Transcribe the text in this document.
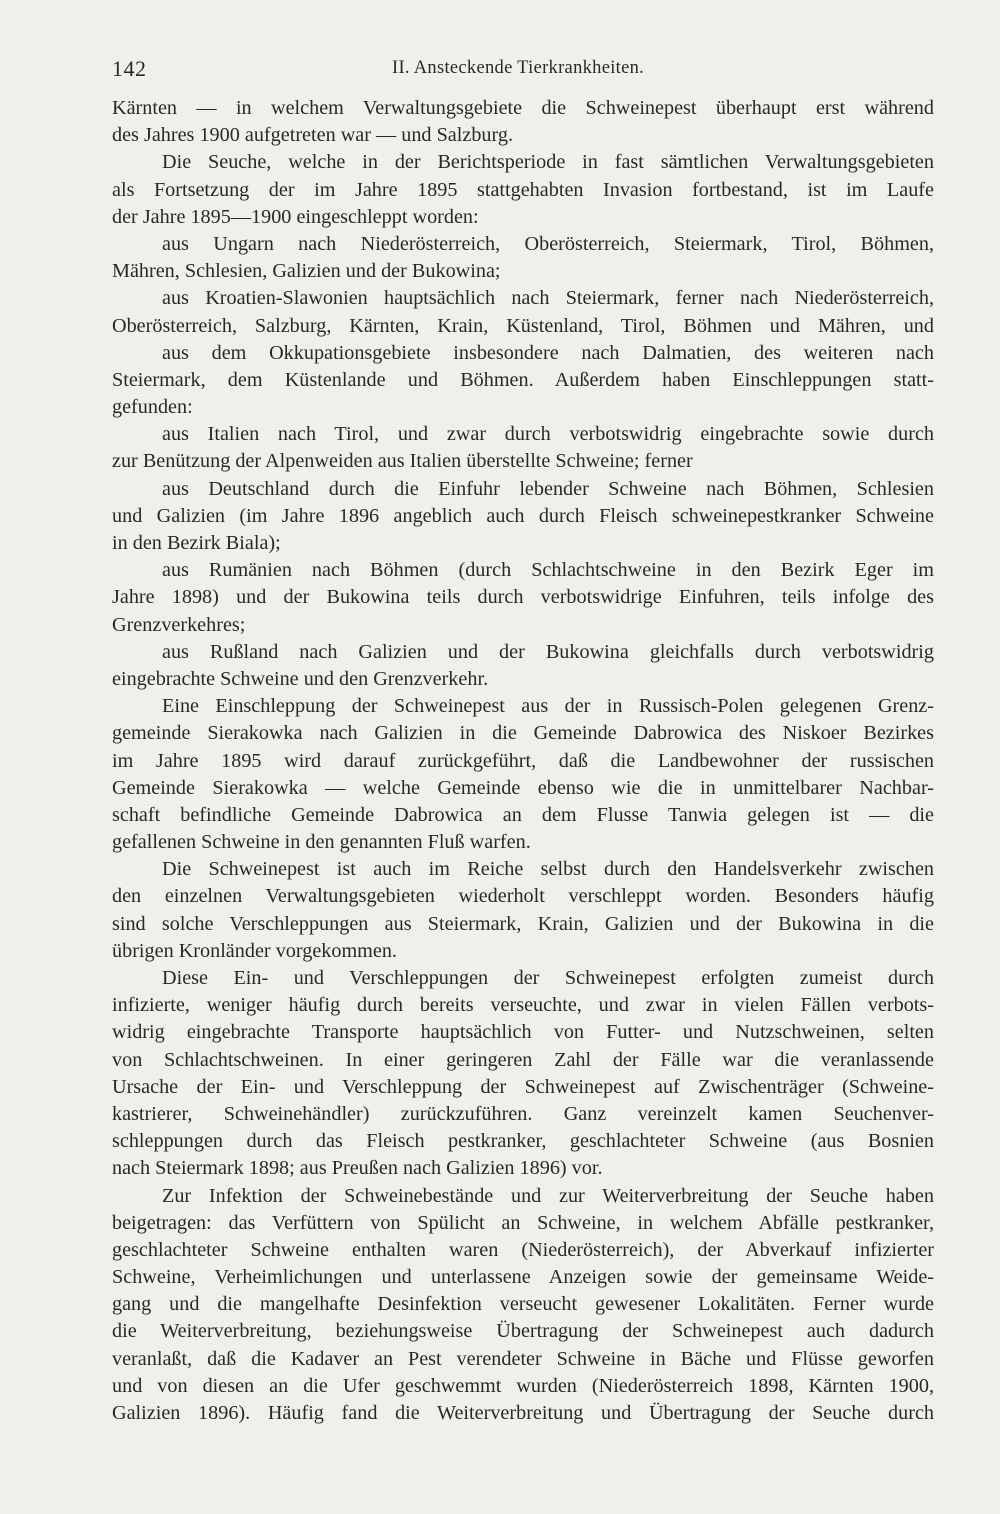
142	II. Ansteckende Tierkrankheiten.
Kärnten — in welchem Verwaltungsgebiete die Schweinepest überhaupt erst während
des Jahres 1900 aufgetreten war — und Salzburg.
Die Seuche, welche in der Berichtsperiode in fast sämtlichen Verwaltungsgebieten
als Fortsetzung der im Jahre 1895 stattgehabten Invasion fortbestand, ist im Laufe
der Jahre 1895—1900 eingeschleppt worden:
aus Ungarn nach Niederösterreich, Oberösterreich, Steiermark, Tirol, Böhmen,
Mähren, Schlesien, Galizien und der Bukowina;
aus Kroatien-Slawonien hauptsächlich nach Steiermark, ferner nach Niederösterreich,
Oberösterreich, Salzburg, Kärnten, Krain, Küstenland, Tirol, Böhmen und Mähren, und
aus dem Okkupationsgebiete insbesondere nach Dalmatien, des weiteren nach
Steiermark, dem Küstenlande und Böhmen. Außerdem haben Einschleppungen statt-
gefunden:
aus Italien nach Tirol, und zwar durch verbotswidrig eingebrachte sowie durch
zur Benützung der Alpenweiden aus Italien überstellte Schweine; ferner
aus Deutschland durch die Einfuhr lebender Schweine nach Böhmen, Schlesien
und Galizien (im Jahre 1896 angeblich auch durch Fleisch schweinepestkranker Schweine
in den Bezirk Biala);
aus Rumänien nach Böhmen (durch Schlachtschweine in den Bezirk Eger im
Jahre 1898) und der Bukowina teils durch verbotswidrige Einfuhren, teils infolge des
Grenzverkehres;
aus Rußland nach Galizien und der Bukowina gleichfalls durch verbotswidrig
eingebrachte Schweine und den Grenzverkehr.
Eine Einschleppung der Schweinepest aus der in Russisch-Polen gelegenen Grenz-
gemeinde Sierakowka nach Galizien in die Gemeinde Dabrowica des Niskoer Bezirkes
im Jahre 1895 wird darauf zurückgeführt, daß die Landbewohner der russischen
Gemeinde Sierakowka — welche Gemeinde ebenso wie die in unmittelbarer Nachbar-
schaft befindliche Gemeinde Dabrowica an dem Flusse Tanwia gelegen ist — die
gefallenen Schweine in den genannten Fluß warfen.
Die Schweinepest ist auch im Reiche selbst durch den Handelsverkehr zwischen
den einzelnen Verwaltungsgebieten wiederholt verschleppt worden. Besonders häufig
sind solche Verschleppungen aus Steiermark, Krain, Galizien und der Bukowina in die
übrigen Kronländer vorgekommen.
Diese Ein- und Verschleppungen der Schweinepest erfolgten zumeist durch
infizierte, weniger häufig durch bereits verseuchte, und zwar in vielen Fällen verbots-
widrig eingebrachte Transporte hauptsächlich von Futter- und Nutzschweinen, selten
von Schlachtschweinen. In einer geringeren Zahl der Fälle war die veranlassende
Ursache der Ein- und Verschleppung der Schweinepest auf Zwischenträger (Schweine-
kastrierer, Schweinehändler) zurückzuführen. Ganz vereinzelt kamen Seuchenver-
schleppungen durch das Fleisch pestkranker, geschlachteter Schweine (aus Bosnien
nach Steiermark 1898; aus Preußen nach Galizien 1896) vor.
Zur Infektion der Schweinebestände und zur Weiterverbreitung der Seuche haben
beigetragen: das Verfüttern von Spülicht an Schweine, in welchem Abfälle pestkranker,
geschlachteter Schweine enthalten waren (Niederösterreich), der Abverkauf infizierter
Schweine, Verheimlichungen und unterlassene Anzeigen sowie der gemeinsame Weide-
gang und die mangelhafte Desinfektion verseucht gewesener Lokalitäten. Ferner wurde
die Weiterverbreitung, beziehungsweise Übertragung der Schweinepest auch dadurch
veranlaßt, daß die Kadaver an Pest verendeter Schweine in Bäche und Flüsse geworfen
und von diesen an die Ufer geschwemmt wurden (Niederösterreich 1898, Kärnten 1900,
Galizien 1896). Häufig fand die Weiterverbreitung und Übertragung der Seuche durch
